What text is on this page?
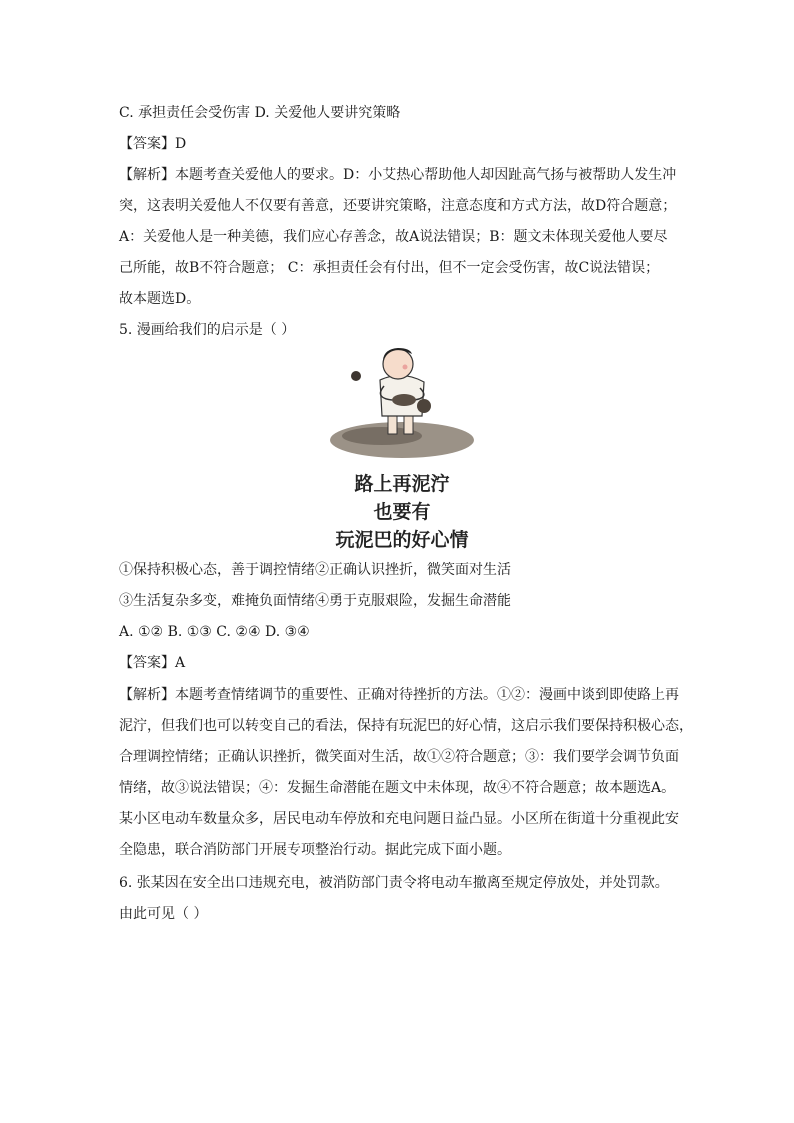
C. 承担责任会受伤害 D. 关爱他人要讲究策略
【答案】D
【解析】本题考查关爱他人的要求。D：小艾热心帮助他人却因趾高气扬与被帮助人发生冲
突，这表明关爱他人不仅要有善意，还要讲究策略，注意态度和方式方法，故D符合题意；
A：关爱他人是一种美德，我们应心存善念，故A说法错误；B：题文未体现关爱他人要尽
己所能，故B不符合题意； C：承担责任会有付出，但不一定会受伤害，故C说法错误；
故本题选D。
5. 漫画给我们的启示是（ ）
路上再泥泞
也要有
玩泥巴的好心情
①保持积极心态，善于调控情绪②正确认识挫折，微笑面对生活
③生活复杂多变，难掩负面情绪④勇于克服艰险，发掘生命潜能
A. ①② B. ①③ C. ②④ D. ③④
【答案】A
【解析】本题考查情绪调节的重要性、正确对待挫折的方法。①②：漫画中谈到即使路上再
泥泞，但我们也可以转变自己的看法，保持有玩泥巴的好心情，这启示我们要保持积极心态，
合理调控情绪；正确认识挫折，微笑面对生活，故①②符合题意；③：我们要学会调节负面
情绪，故③说法错误；④：发掘生命潜能在题文中未体现，故④不符合题意；故本题选A。
某小区电动车数量众多，居民电动车停放和充电问题日益凸显。小区所在街道十分重视此安
全隐患，联合消防部门开展专项整治行动。据此完成下面小题。
6. 张某因在安全出口违规充电，被消防部门责令将电动车撤离至规定停放处，并处罚款。
由此可见（ ）
